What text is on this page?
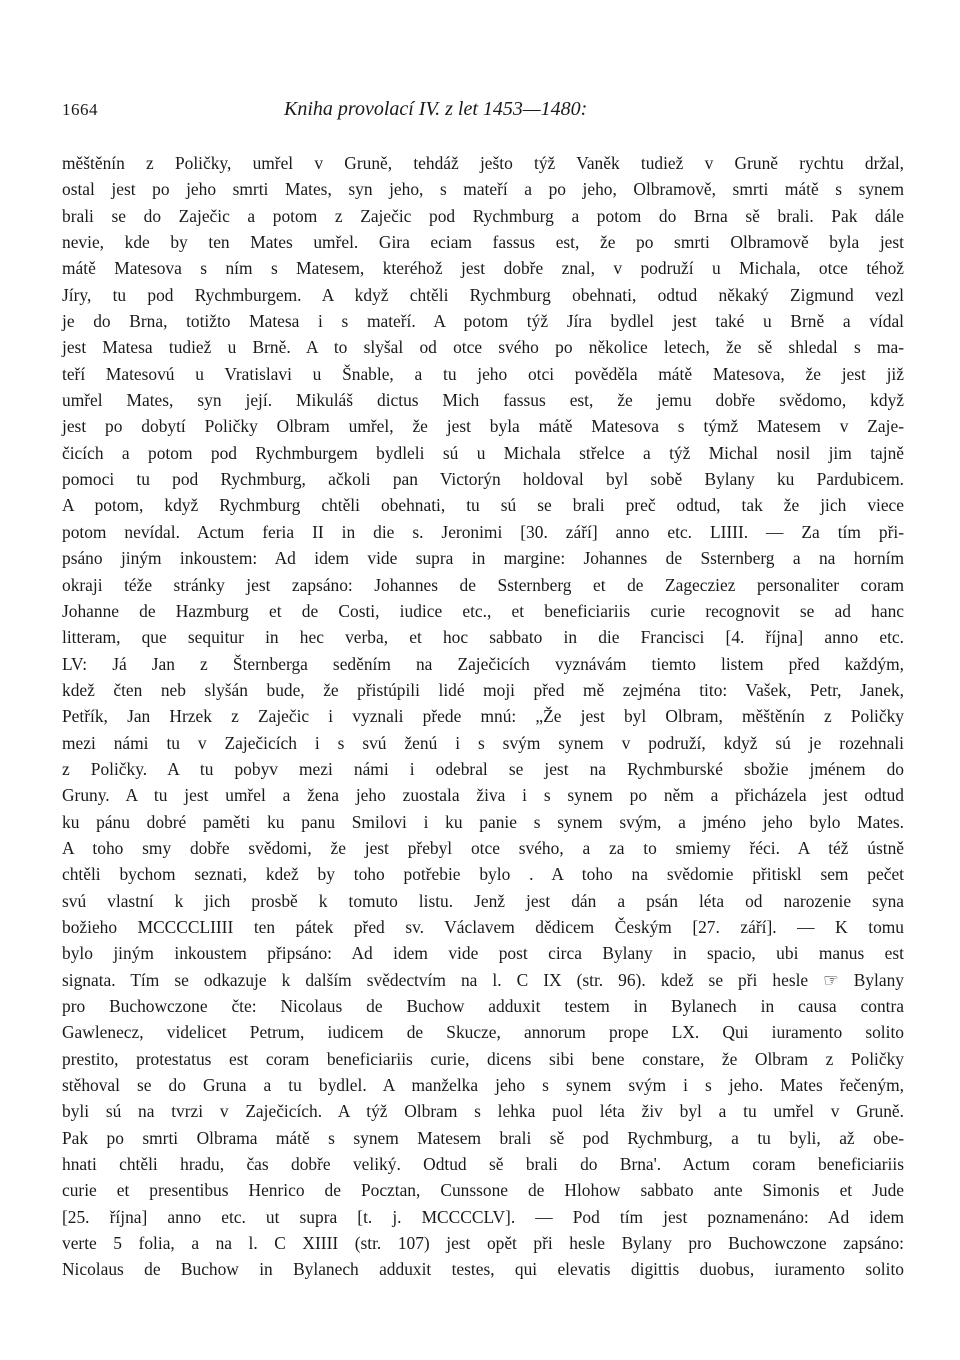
1664	Kniha provolací IV. z let 1453—1480:
měštěnín z Poličky, umřel v Gruně, tehdáž ješto týž Vaněk tudiež v Gruně rychtu držal,
ostal jest po jeho smrti Mates, syn jeho, s mateří a po jeho, Olbramově, smrti mátě s synem
brali se do Zaječic a potom z Zaječic pod Rychmburg a potom do Brna sě brali. Pak dále
nevie, kde by ten Mates umřel. Gira eciam fassus est, že po smrti Olbramově byla jest
mátě Matesova s ním s Matesem, kteréhož jest dobře znal, v podruží u Michala, otce téhož
Jíry, tu pod Rychmburgem. A když chtěli Rychmburg obehnati, odtud někaký Zigmund vezl
je do Brna, totižto Matesa i s mateří. A potom týž Jíra bydlel jest také u Brně a vídal
jest Matesa tudiež u Brně. A to slyšal od otce svého po několice letech, že sě shledal s ma-
teří Matesovú u Vratislavi u Šnable, a tu jeho otci pověděla mátě Matesova, že jest již
umřel Mates, syn její. Mikuláš dictus Mich fassus est, že jemu dobře svědomo, když
jest po dobytí Poličky Olbram umřel, že jest byla mátě Matesova s týmž Matesem v Zaje-
čicích a potom pod Rychmburgem bydleli sú u Michala střelce a týž Michal nosil jim tajně
pomoci tu pod Rychmburg, ačkoli pan Victorýn holdoval byl sobě Bylany ku Pardubicem.
A potom, když Rychmburg chtěli obehnati, tu sú se brali preč odtud, tak že jich viece
potom nevídal. Actum feria II in die s. Jeronimi [30. září] anno etc. LIIII. — Za tím při-
psáno jiným inkoustem: Ad idem vide supra in margine: Johannes de Ssternberg a na horním
okraji téže stránky jest zapsáno: Johannes de Ssternberg et de Zagecziez personaliter coram
Johanne de Hazmburg et de Costi, iudice etc., et beneficiariis curie recognovit se ad hanc
litteram, que sequitur in hec verba, et hoc sabbato in die Francisci [4. října] anno etc.
LV: Já Jan z Šternberga seděním na Zaječicích vyznávám tiemto listem před každým,
kdež čten neb slyšán bude, že přistúpili lidé moji před mě zejména tito: Vašek, Petr, Janek,
Petřík, Jan Hrzek z Zaječic i vyznali přede mnú: „Že jest byl Olbram, měštěnín z Poličky
mezi námi tu v Zaječicích i s svú ženú i s svým synem v podruží, když sú je rozehnali
z Poličky. A tu pobyv mezi námi i odebral se jest na Rychmburské sbožie jménem do
Gruny. A tu jest umřel a žena jeho zuostala živa i s synem po něm a přicházela jest odtud
ku pánu dobré paměti ku panu Smilovi i ku panie s synem svým, a jméno jeho bylo Mates.
A toho smy dobře svědomi, že jest přebyl otce svého, a za to smiemy řéci. A též ústně
chtěli bychom seznati, kdež by toho potřebie bylo . A toho na svědomie přitiskl sem pečet
svú vlastní k jich prosbě k tomuto listu. Jenž jest dán a psán léta od narozenie syna
božieho MCCCCLIIII ten pátek před sv. Václavem dědicem Českým [27. září]. — K tomu
bylo jiným inkoustem připsáno: Ad idem vide post circa Bylany in spacio, ubi manus est
signata. Tím se odkazuje k dalším svědectvím na l. C IX (str. 96). kdež se při hesle ☞ Bylany
pro Buchowczone čte: Nicolaus de Buchow adduxit testem in Bylanech in causa contra
Gawlenecz, videlicet Petrum, iudicem de Skucze, annorum prope LX. Qui iuramento solito
prestito, protestatus est coram beneficiariis curie, dicens sibi bene constare, že Olbram z Poličky
stěhoval se do Gruna a tu bydlel. A manželka jeho s synem svým i s jeho. Mates řečeným,
byli sú na tvrzi v Zaječicích. A týž Olbram s lehka puol léta živ byl a tu umřel v Gruně.
Pak po smrti Olbrama mátě s synem Matesem brali sě pod Rychmburg, a tu byli, až obe-
hnati chtěli hradu, čas dobře veliký. Odtud sě brali do Brna'. Actum coram beneficiariis
curie et presentibus Henrico de Pocztan, Cunssone de Hlohow sabbato ante Simonis et Jude
[25. října] anno etc. ut supra [t. j. MCCCCLV]. — Pod tím jest poznamenáno: Ad idem
verte 5 folia, a na l. C XIIII (str. 107) jest opět při hesle Bylany pro Buchowczone zapsáno:
Nicolaus de Buchow in Bylanech adduxit testes, qui elevatis digittis duobus, iuramento solito
